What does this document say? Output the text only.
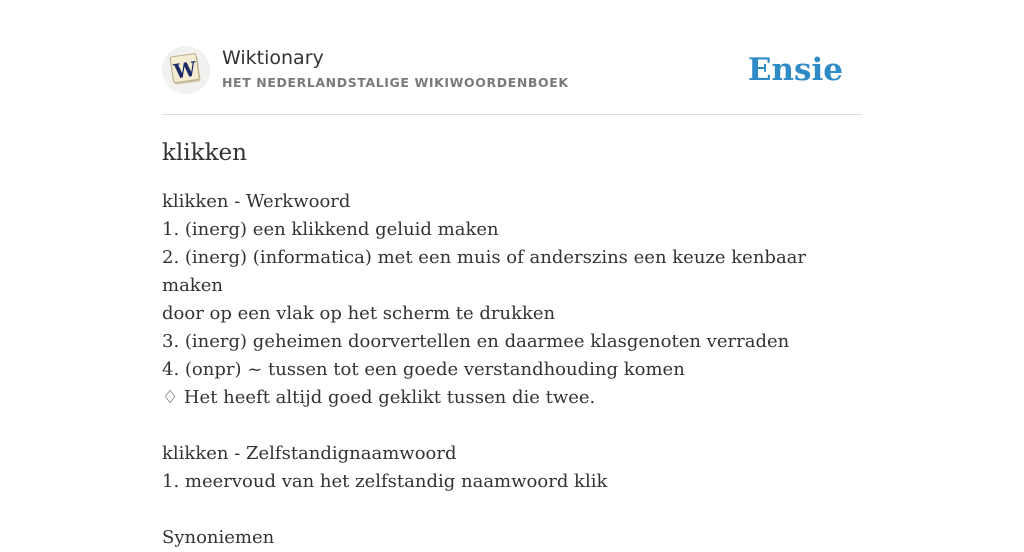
W Wiktionary
HET NEDERLANDSTALIGE WIKIWOORDENBOEK	Ensie
klikken
klikken - Werkwoord
1. (inerg) een klikkend geluid maken
2. (inerg) (informatica) met een muis of anderszins een keuze kenbaar maken
door op een vlak op het scherm te drukken
3. (inerg) geheimen doorvertellen en daarmee klasgenoten verraden
4. (onpr) ~ tussen tot een goede verstandhouding komen
♢ Het heeft altijd goed geklikt tussen die twee.
klikken - Zelfstandignaamwoord
1. meervoud van het zelfstandig naamwoord klik
Synoniemen
